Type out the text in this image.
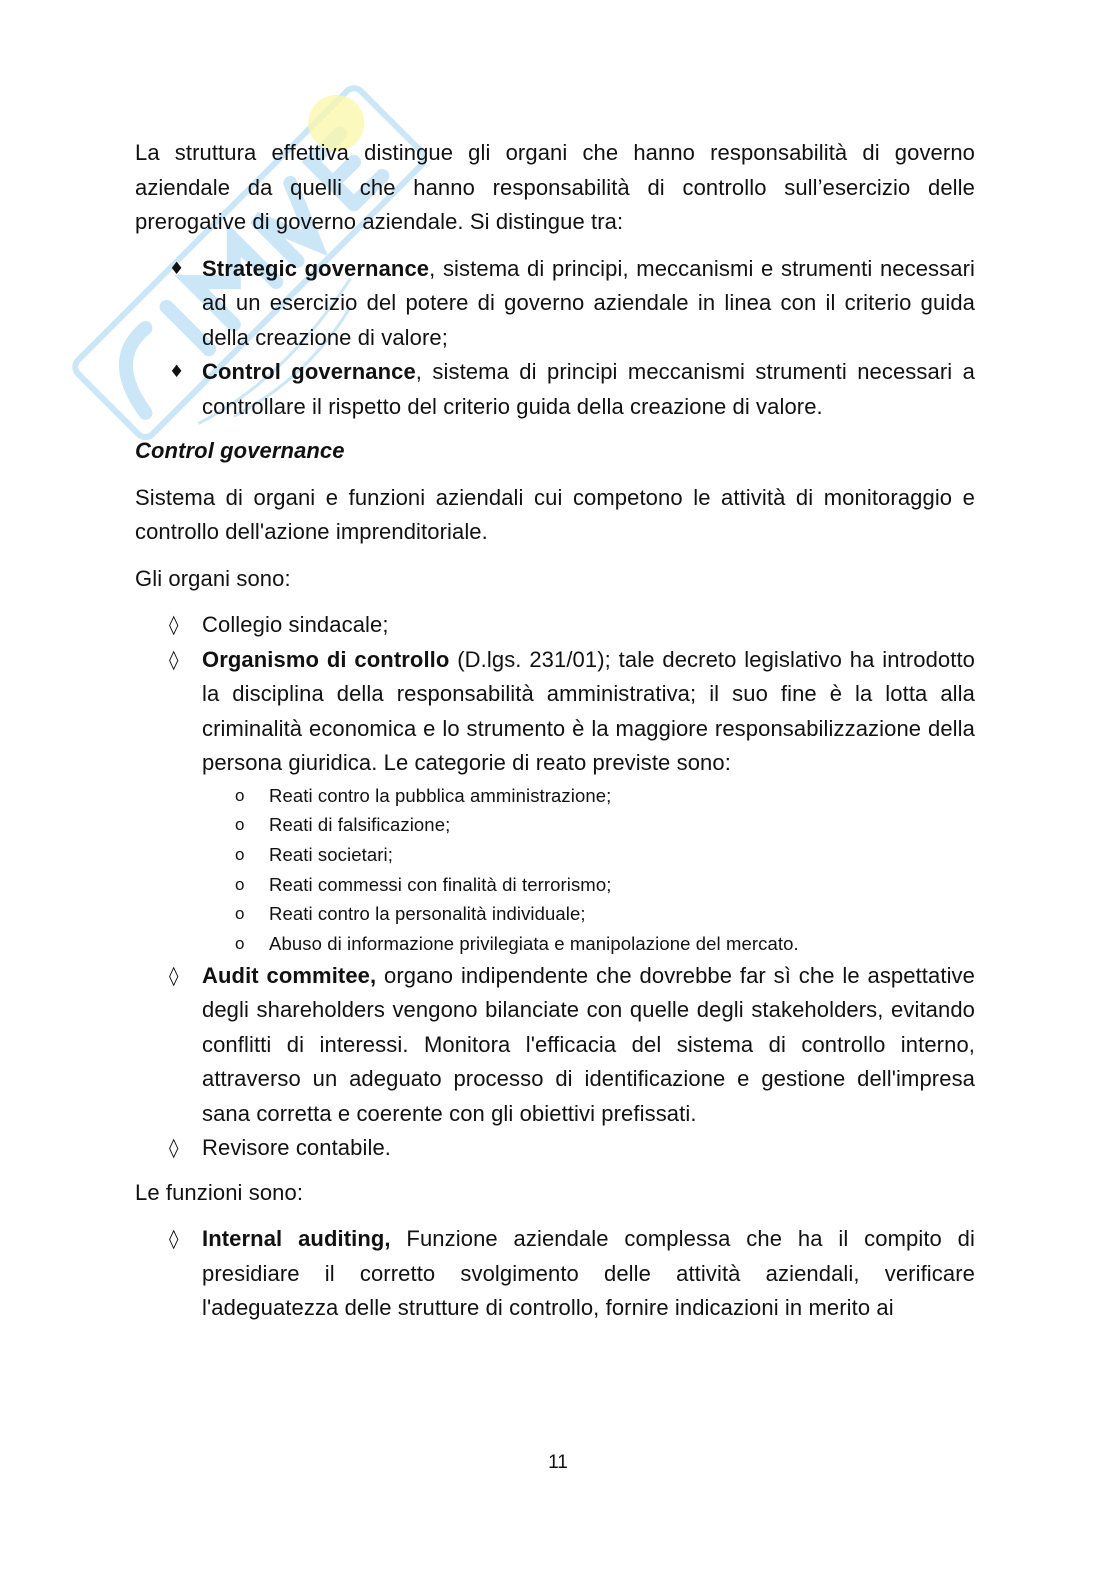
La struttura effettiva distingue gli organi che hanno responsabilità di governo aziendale da quelli che hanno responsabilità di controllo sull’esercizio delle prerogative di governo aziendale. Si distingue tra:

♦ Strategic governance, sistema di principi, meccanismi e strumenti necessari ad un esercizio del potere di governo aziendale in linea con il criterio guida della creazione di valore;
♦ Control governance, sistema di principi meccanismi strumenti necessari a controllare il rispetto del criterio guida della creazione di valore.

Control governance

Sistema di organi e funzioni aziendali cui competono le attività di monitoraggio e controllo dell'azione imprenditoriale.

Gli organi sono:

◊ Collegio sindacale;
◊ Organismo di controllo (D.lgs. 231/01); tale decreto legislativo ha introdotto la disciplina della responsabilità amministrativa; il suo fine è la lotta alla criminalità economica e lo strumento è la maggiore responsabilizzazione della persona giuridica. Le categorie di reato previste sono:
o Reati contro la pubblica amministrazione;
o Reati di falsificazione;
o Reati societari;
o Reati commessi con finalità di terrorismo;
o Reati contro la personalità individuale;
o Abuso di informazione privilegiata e manipolazione del mercato.
◊ Audit commitee, organo indipendente che dovrebbe far sì che le aspettative degli shareholders vengono bilanciate con quelle degli stakeholders, evitando conflitti di interessi. Monitora l'efficacia del sistema di controllo interno, attraverso un adeguato processo di identificazione e gestione dell'impresa sana corretta e coerente con gli obiettivi prefissati.
◊ Revisore contabile.

Le funzioni sono:

◊ Internal auditing, Funzione aziendale complessa che ha il compito di presidiare il corretto svolgimento delle attività aziendali, verificare l'adeguatezza delle strutture di controllo, fornire indicazioni in merito ai
11
